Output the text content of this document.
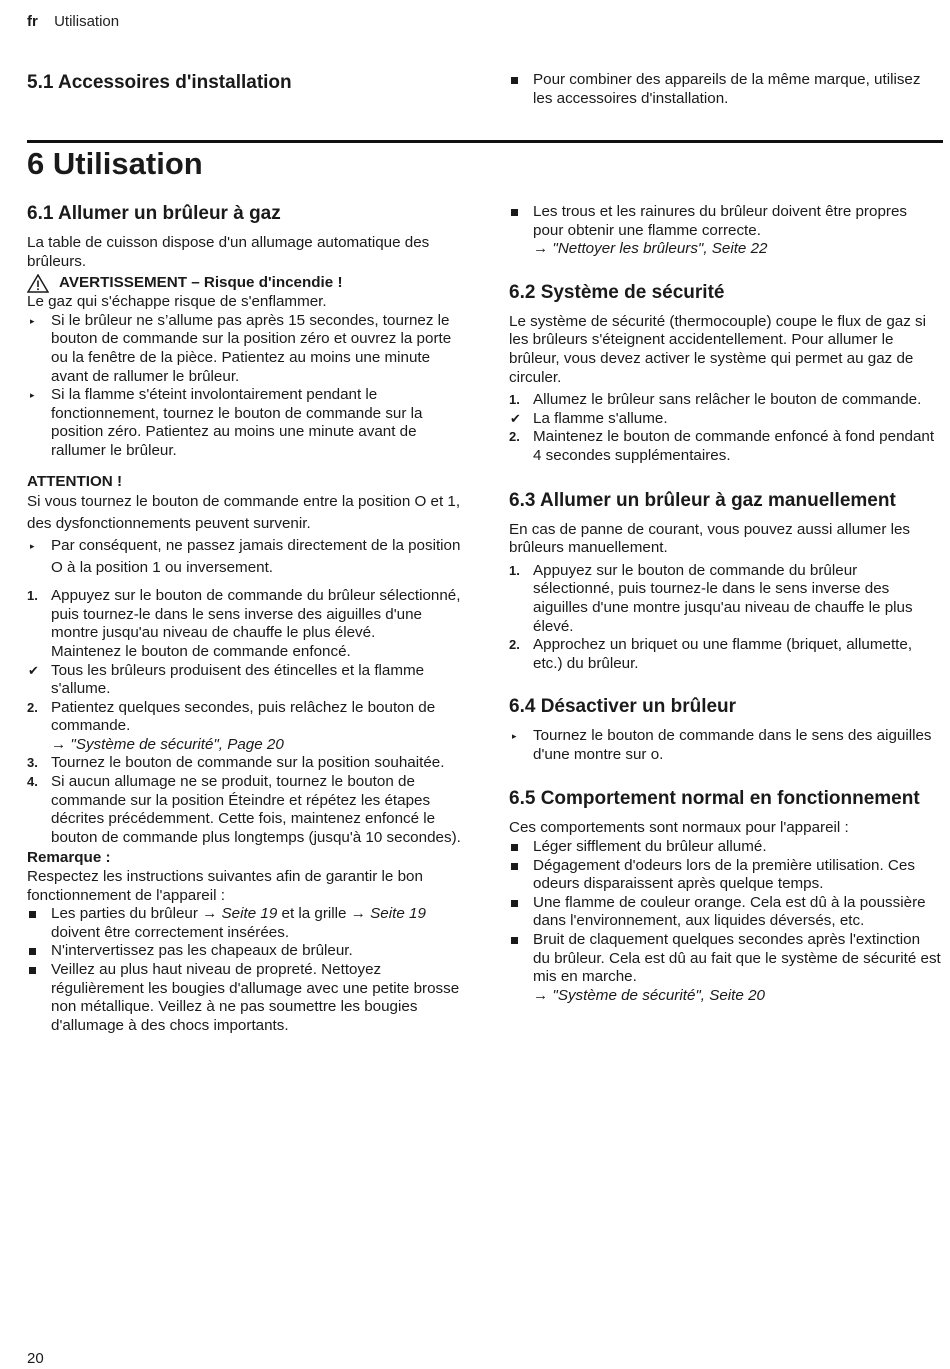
fr Utilisation
5.1 Accessoires d'installation	Pour combiner des appareils de la même marque, utilisez les accessoires d'installation.
6 Utilisation
6.1 Allumer un brûleur à gaz

La table de cuisson dispose d'un allumage automatique des brûleurs.

AVERTISSEMENT – Risque d'incendie !

Le gaz qui s'échappe risque de s'enflammer.

▸ Si le brûleur ne s’allume pas après 15 secondes, tournez le bouton de commande sur la position zéro et ouvrez la porte ou la fenêtre de la pièce. Patientez au moins une minute avant de rallumer le brûleur.
▸ Si la flamme s'éteint involontairement pendant le fonctionnement, tournez le bouton de commande sur la position zéro. Patientez au moins une minute avant de rallumer le brûleur.

ATTENTION !

Si vous tournez le bouton de commande entre la position O et 1, des dysfonctionnements peuvent survenir.

▸ Par conséquent, ne passez jamais directement de la position O à la position 1 ou inversement.
1. Appuyez sur le bouton de commande du brûleur sélectionné, puis tournez-le dans le sens inverse des aiguilles d'une montre jusqu'au niveau de chauffe le plus élevé.
Maintenez le bouton de commande enfoncé.
✔ Tous les brûleurs produisent des étincelles et la flamme s'allume.
2. Patientez quelques secondes, puis relâchez le bouton de commande.
→ "Système de sécurité", Page 20
3. Tournez le bouton de commande sur la position souhaitée.
4. Si aucun allumage ne se produit, tournez le bouton de commande sur la position Éteindre et répétez les étapes décrites précédemment. Cette fois, maintenez enfoncé le bouton de commande plus longtemps (jusqu'à 10 secondes).

Remarque :

Respectez les instructions suivantes afin de garantir le bon fonctionnement de l'appareil :

Les parties du brûleur → Seite 19 et la grille → Seite 19 doivent être correctement insérées.
N'intervertissez pas les chapeaux de brûleur.
Veillez au plus haut niveau de propreté. Nettoyez régulièrement les bougies d'allumage avec une petite brosse non métallique. Veillez à ne pas soumettre les bougies d'allumage à des chocs importants.
Les trous et les rainures du brûleur doivent être propres pour obtenir une flamme correcte.
→ "Nettoyer les brûleurs", Seite 22
6.2 Système de sécurité

Le système de sécurité (thermocouple) coupe le flux de gaz si les brûleurs s'éteignent accidentellement. Pour allumer le brûleur, vous devez activer le système qui permet au gaz de circuler.

1. Allumez le brûleur sans relâcher le bouton de commande.
✔ La flamme s'allume.
2. Maintenez le bouton de commande enfoncé à fond pendant 4 secondes supplémentaires.
6.3 Allumer un brûleur à gaz manuellement

En cas de panne de courant, vous pouvez aussi allumer les brûleurs manuellement.

1. Appuyez sur le bouton de commande du brûleur sélectionné, puis tournez-le dans le sens inverse des aiguilles d'une montre jusqu'au niveau de chauffe le plus élevé.
2. Approchez un briquet ou une flamme (briquet, allumette, etc.) du brûleur.
6.4 Désactiver un brûleur
▸ Tournez le bouton de commande dans le sens des aiguilles d'une montre sur o.
6.5 Comportement normal en fonctionnement

Ces comportements sont normaux pour l'appareil :

Léger sifflement du brûleur allumé.
Dégagement d'odeurs lors de la première utilisation. Ces odeurs disparaissent après quelque temps.
Une flamme de couleur orange. Cela est dû à la poussière dans l'environnement, aux liquides déversés, etc.
Bruit de claquement quelques secondes après l'extinction du brûleur. Cela est dû au fait que le système de sécurité est mis en marche.
→ "Système de sécurité", Seite 20
20
